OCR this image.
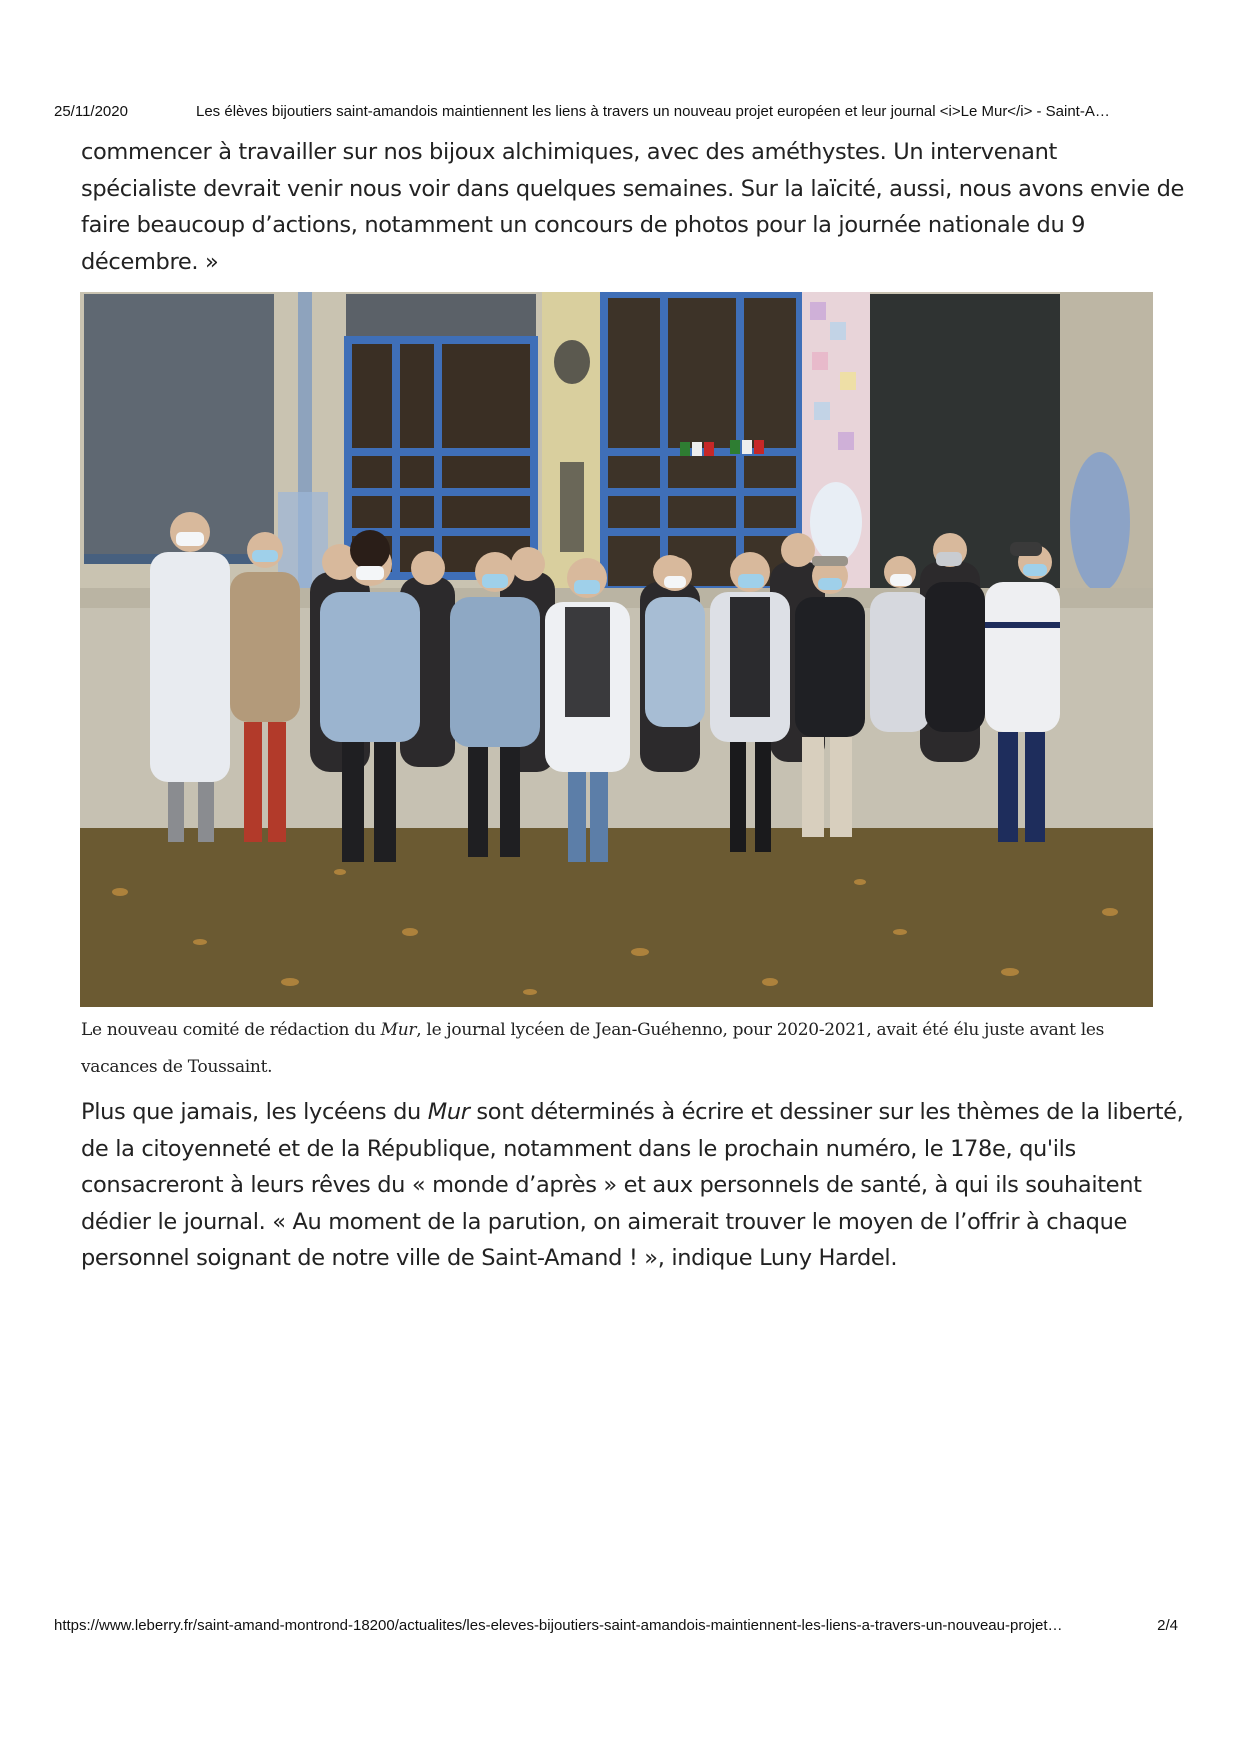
25/11/2020	Les élèves bijoutiers saint-amandois maintiennent les liens à travers un nouveau projet européen et leur journal <i>Le Mur</i> - Saint-A…
commencer à travailler sur nos bijoux alchimiques, avec des améthystes. Un intervenant
spécialiste devrait venir nous voir dans quelques semaines. Sur la laïcité, aussi, nous avons envie de
faire beaucoup d’actions, notamment un concours de photos pour la journée nationale du 9
décembre. »
Le nouveau comité de rédaction du Mur, le journal lycéen de Jean-Guéhenno, pour 2020-2021, avait été élu juste avant les
vacances de Toussaint.
Plus que jamais, les lycéens du Mur sont déterminés à écrire et dessiner sur les thèmes de la liberté,
de la citoyenneté et de la République, notamment dans le prochain numéro, le 178e, qu'ils
consacreront à leurs rêves du « monde d’après » et aux personnels de santé, à qui ils souhaitent
dédier le journal. « Au moment de la parution, on aimerait trouver le moyen de l’offrir à chaque
personnel soignant de notre ville de Saint-Amand ! », indique Luny Hardel.
https://www.leberry.fr/saint-amand-montrond-18200/actualites/les-eleves-bijoutiers-saint-amandois-maintiennent-les-liens-a-travers-un-nouveau-projet…	2/4
